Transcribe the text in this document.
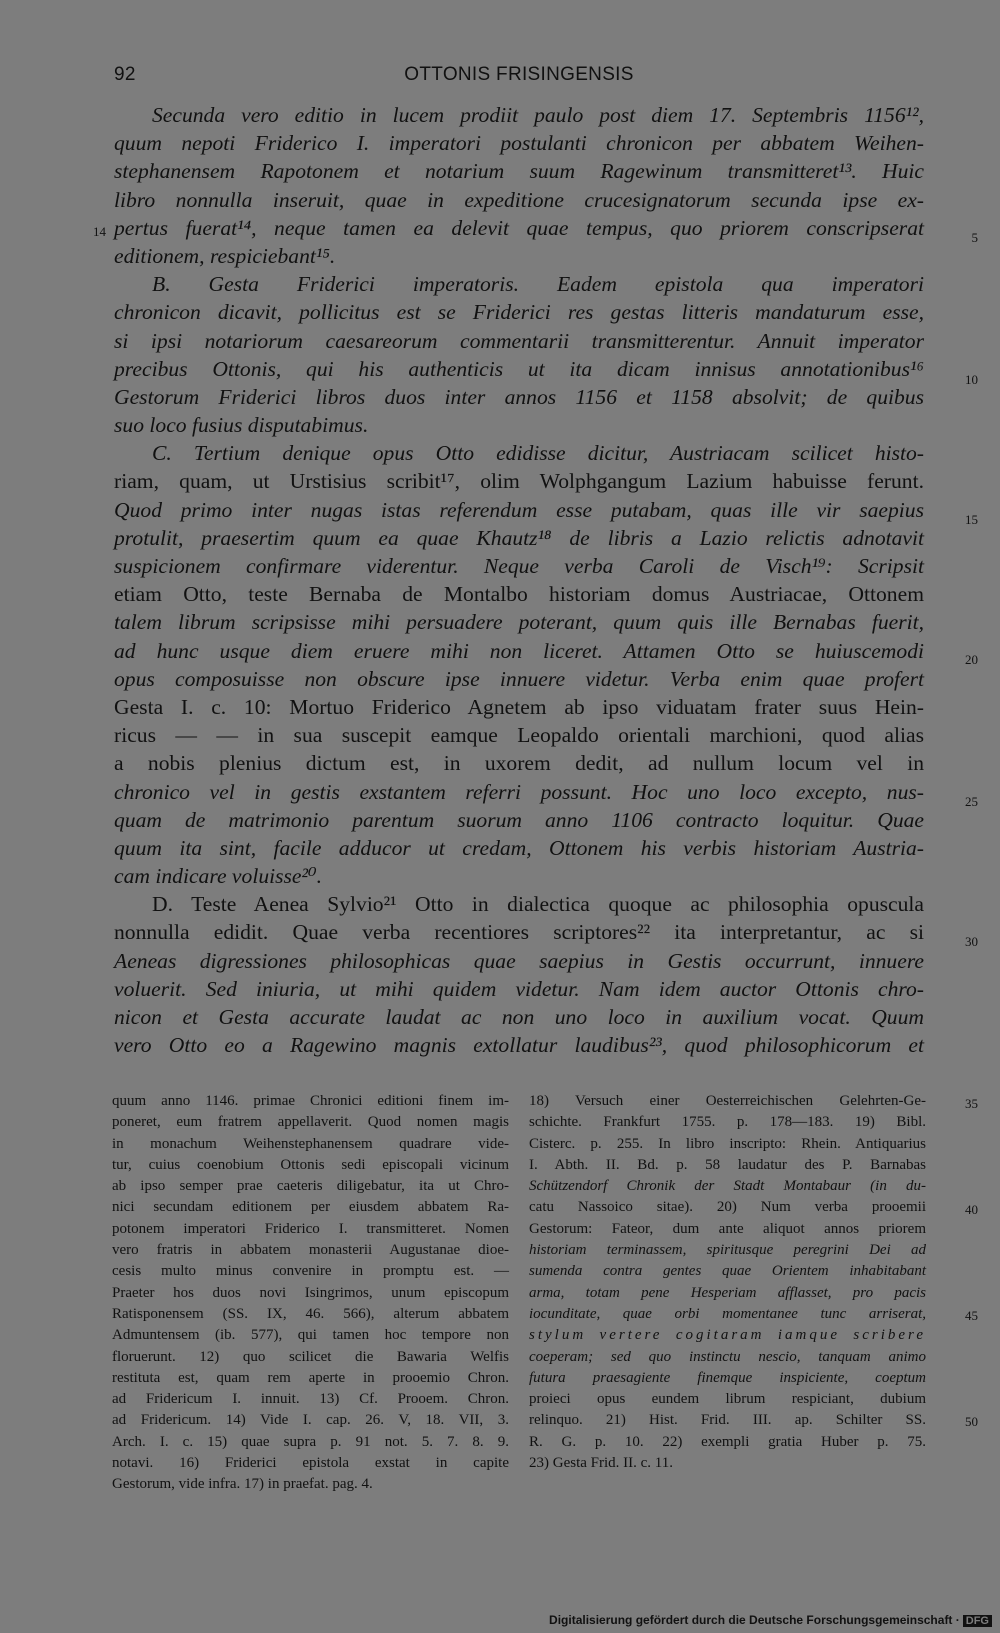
92	OTTONIS FRISINGENSIS
Secunda vero editio in lucem prodiit paulo post diem 17. Septembris 1156¹²,
quum nepoti Friderico I. imperatori postulanti chronicon per abbatem Weihen-
stephanensem Rapotonem et notarium suum Ragewinum transmitteret¹³. Huic
libro nonnulla inseruit, quae in expeditione crucesignatorum secunda ipse ex-
pertus fuerat¹⁴, neque tamen ea delevit quae tempus, quo priorem conscripserat
editionem, respiciebant¹⁵.
B. Gesta Friderici imperatoris. Eadem epistola qua imperatori
chronicon dicavit, pollicitus est se Friderici res gestas litteris mandaturum esse,
si ipsi notariorum caesareorum commentarii transmitterentur. Annuit imperator
precibus Ottonis, qui his authenticis ut ita dicam innisus annotationibus¹⁶
Gestorum Friderici libros duos inter annos 1156 et 1158 absolvit; de quibus
suo loco fusius disputabimus.
C. Tertium denique opus Otto edidisse dicitur, Austriacam scilicet histo-
riam, quam, ut Urstisius scribit¹⁷, olim Wolphgangum Lazium habuisse ferunt.
Quod primo inter nugas istas referendum esse putabam, quas ille vir saepius
protulit, praesertim quum ea quae Khautz¹⁸ de libris a Lazio relictis adnotavit
suspicionem confirmare viderentur. Neque verba Caroli de Visch¹⁹: Scripsit
etiam Otto, teste Bernaba de Montalbo historiam domus Austriacae, Ottonem
talem librum scripsisse mihi persuadere poterant, quum quis ille Bernabas fuerit,
ad hunc usque diem eruere mihi non liceret. Attamen Otto se huiuscemodi
opus composuisse non obscure ipse innuere videtur. Verba enim quae profert
Gesta I. c. 10: Mortuo Friderico Agnetem ab ipso viduatam frater suus Hein-
ricus — — in sua suscepit eamque Leopaldo orientali marchioni, quod alias
a nobis plenius dictum est, in uxorem dedit, ad nullum locum vel in
chronico vel in gestis exstantem referri possunt. Hoc uno loco excepto, nus-
quam de matrimonio parentum suorum anno 1106 contracto loquitur. Quae
quum ita sint, facile adducor ut credam, Ottonem his verbis historiam Austria-
cam indicare voluisse²⁰.
D. Teste Aenea Sylvio²¹ Otto in dialectica quoque ac philosophia opuscula
nonnulla edidit. Quae verba recentiores scriptores²² ita interpretantur, ac si
Aeneas digressiones philosophicas quae saepius in Gestis occurrunt, innuere
voluerit. Sed iniuria, ut mihi quidem videtur. Nam idem auctor Ottonis chro-
nicon et Gesta accurate laudat ac non uno loco in auxilium vocat. Quum
vero Otto eo a Ragewino magnis extollatur laudibus²³, quod philosophicorum et
14	5
10
15
20
25
30
35
40
45
50
quum anno 1146. primae Chronici editioni finem im-
poneret, eum fratrem appellaverit. Quod nomen magis
in monachum Weihenstephanensem quadrare vide-
tur, cuius coenobium Ottonis sedi episcopali vicinum
ab ipso semper prae caeteris diligebatur, ita ut Chro-
nici secundam editionem per eiusdem abbatem Ra-
potonem imperatori Friderico I. transmitteret. Nomen
vero fratris in abbatem monasterii Augustanae dioe-
cesis multo minus convenire in promptu est. —
Praeter hos duos novi Isingrimos, unum episcopum
Ratisponensem (SS. IX, 46. 566), alterum abbatem
Admuntensem (ib. 577), qui tamen hoc tempore non
floruerunt. 12) quo scilicet die Bawaria Welfis
restituta est, quam rem aperte in prooemio Chron.
ad Fridericum I. innuit. 13) Cf. Prooem. Chron.
ad Fridericum. 14) Vide I. cap. 26. V, 18. VII, 3.
Arch. I. c. 15) quae supra p. 91 not. 5. 7. 8. 9.
notavi. 16) Friderici epistola exstat in capite
Gestorum, vide infra. 17) in praefat. pag. 4.
18) Versuch einer Oesterreichischen Gelehrten-Ge-
schichte. Frankfurt 1755. p. 178—183. 19) Bibl.
Cisterc. p. 255. In libro inscripto: Rhein. Antiquarius
I. Abth. II. Bd. p. 58 laudatur des P. Barnabas
Schützendorf Chronik der Stadt Montabaur (in du-
catu Nassoico sitae). 20) Num verba prooemii
Gestorum: Fateor, dum ante aliquot annos priorem
historiam terminassem, spiritusque peregrini Dei ad
sumenda contra gentes quae Orientem inhabitabant
arma, totam pene Hesperiam afflasset, pro pacis
iocunditate, quae orbi momentanee tunc arriserat,
stylum vertere cogitaram iamque scribere
coeperam; sed quo instinctu nescio, tanquam animo
futura praesagiente finemque inspiciente, coeptum
proieci opus eundem librum respiciant, dubium
relinquo. 21) Hist. Frid. III. ap. Schilter SS.
R. G. p. 10. 22) exempli gratia Huber p. 75.
23) Gesta Frid. II. c. 11.
Digitalisierung gefördert durch die Deutsche Forschungsgemeinschaft · DFG
